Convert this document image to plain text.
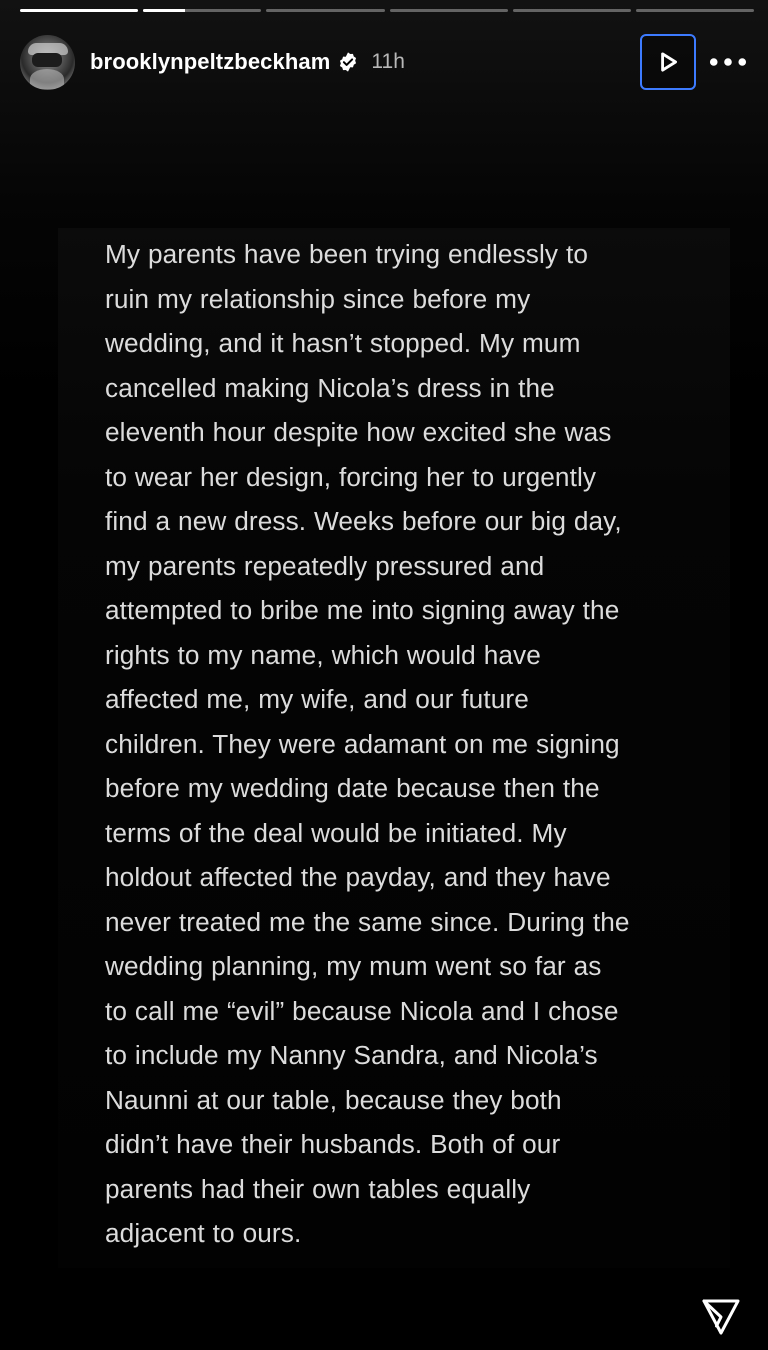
brooklynpeltzbeckham 11h

My parents have been trying endlessly to
ruin my relationship since before my
wedding, and it hasn’t stopped. My mum
cancelled making Nicola’s dress in the
eleventh hour despite how excited she was
to wear her design, forcing her to urgently
find a new dress. Weeks before our big day,
my parents repeatedly pressured and
attempted to bribe me into signing away the
rights to my name, which would have
affected me, my wife, and our future
children. They were adamant on me signing
before my wedding date because then the
terms of the deal would be initiated. My
holdout affected the payday, and they have
never treated me the same since. During the
wedding planning, my mum went so far as
to call me “evil” because Nicola and I chose
to include my Nanny Sandra, and Nicola’s
Naunni at our table, because they both
didn’t have their husbands. Both of our
parents had their own tables equally
adjacent to ours.
